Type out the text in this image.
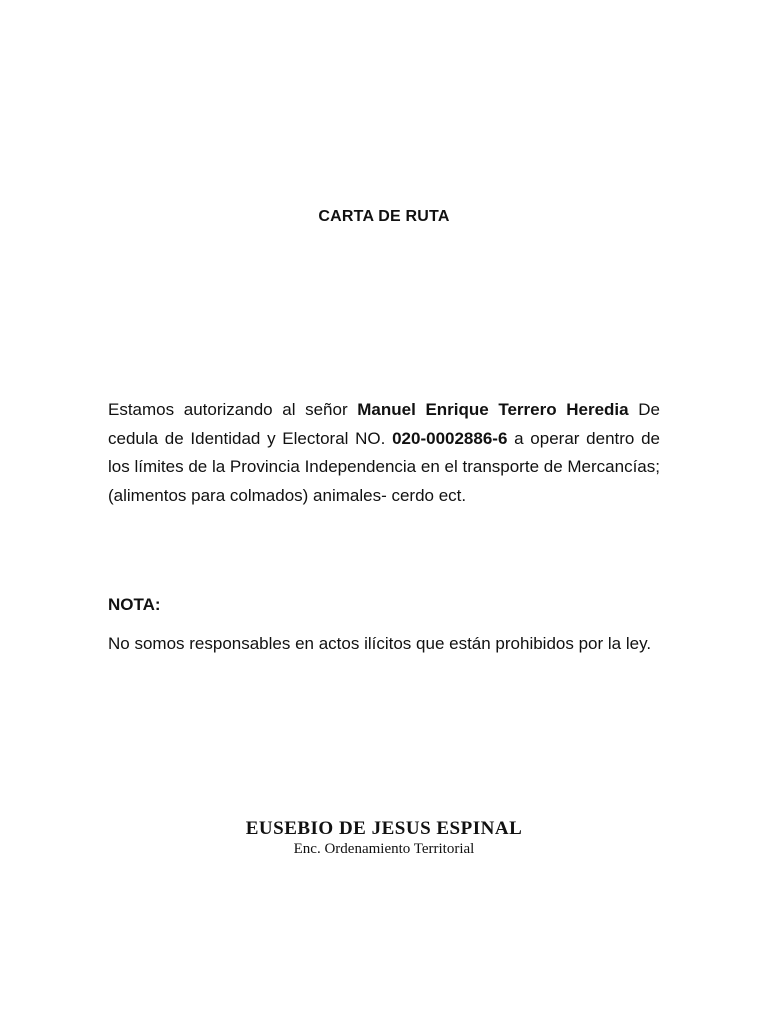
CARTA DE RUTA
Estamos autorizando al señor Manuel Enrique Terrero Heredia De cedula de Identidad y Electoral NO. 020-0002886-6 a operar dentro de los límites de la Provincia Independencia en el transporte de Mercancías; (alimentos para colmados) animales- cerdo ect.
NOTA:
No somos responsables en actos ilícitos que están prohibidos por la ley.
EUSEBIO DE JESUS ESPINAL
Enc. Ordenamiento Territorial
